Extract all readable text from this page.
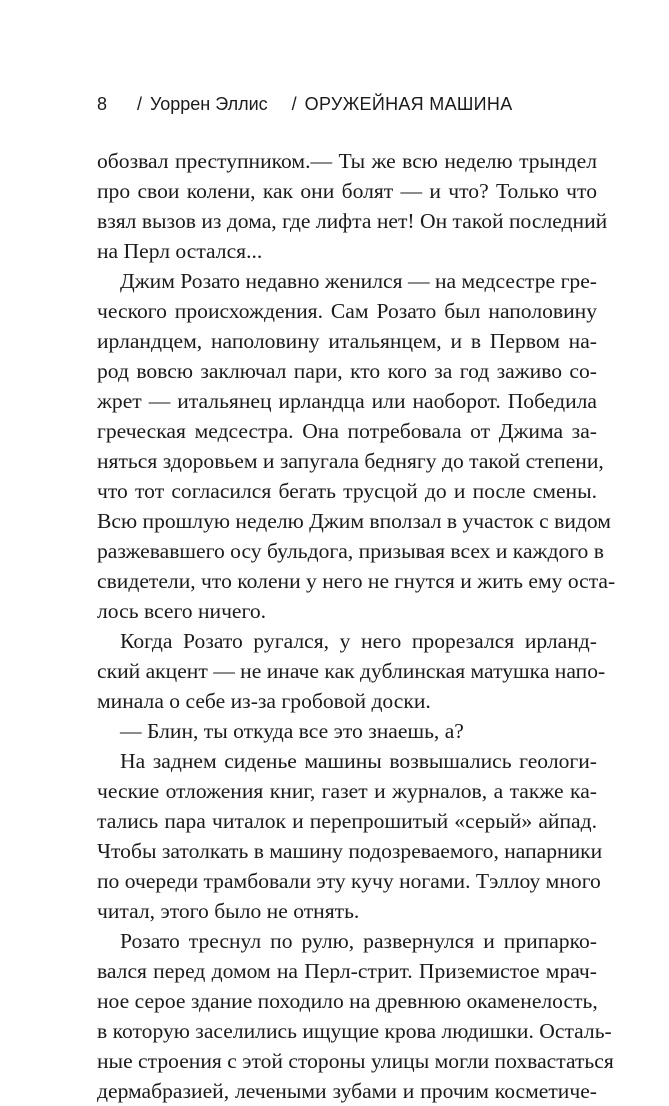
8 / Уоррен Эллис / ОРУЖЕЙНАЯ МАШИНА
обозвал преступником.— Ты же всю неделю трындел
про свои колени, как они болят — и что? Только что
взял вызов из дома, где лифта нет! Он такой последний
на Перл остался...
Джим Розато недавно женился — на медсестре гре-
ческого происхождения. Сам Розато был наполовину
ирландцем, наполовину итальянцем, и в Первом на-
род вовсю заключал пари, кто кого за год заживо со-
жрет — итальянец ирландца или наоборот. Победила
греческая медсестра. Она потребовала от Джима за-
няться здоровьем и запугала беднягу до такой степени,
что тот согласился бегать трусцой до и после смены.
Всю прошлую неделю Джим вползал в участок с видом
разжевавшего осу бульдога, призывая всех и каждого в
свидетели, что колени у него не гнутся и жить ему оста-
лось всего ничего.
Когда Розато ругался, у него прорезался ирланд-
ский акцент — не иначе как дублинская матушка напо-
минала о себе из-за гробовой доски.
— Блин, ты откуда все это знаешь, а?
На заднем сиденье машины возвышались геологи-
ческие отложения книг, газет и журналов, а также ка-
тались пара читалок и перепрошитый «серый» айпад.
Чтобы затолкать в машину подозреваемого, напарники
по очереди трамбовали эту кучу ногами. Тэллоу много
читал, этого было не отнять.
Розато треснул по рулю, развернулся и припарко-
вался перед домом на Перл-стрит. Приземистое мрач-
ное серое здание походило на древнюю окаменелость,
в которую заселились ищущие крова людишки. Осталь-
ные строения с этой стороны улицы могли похвастаться
дермабразией, лечеными зубами и прочим косметиче-
